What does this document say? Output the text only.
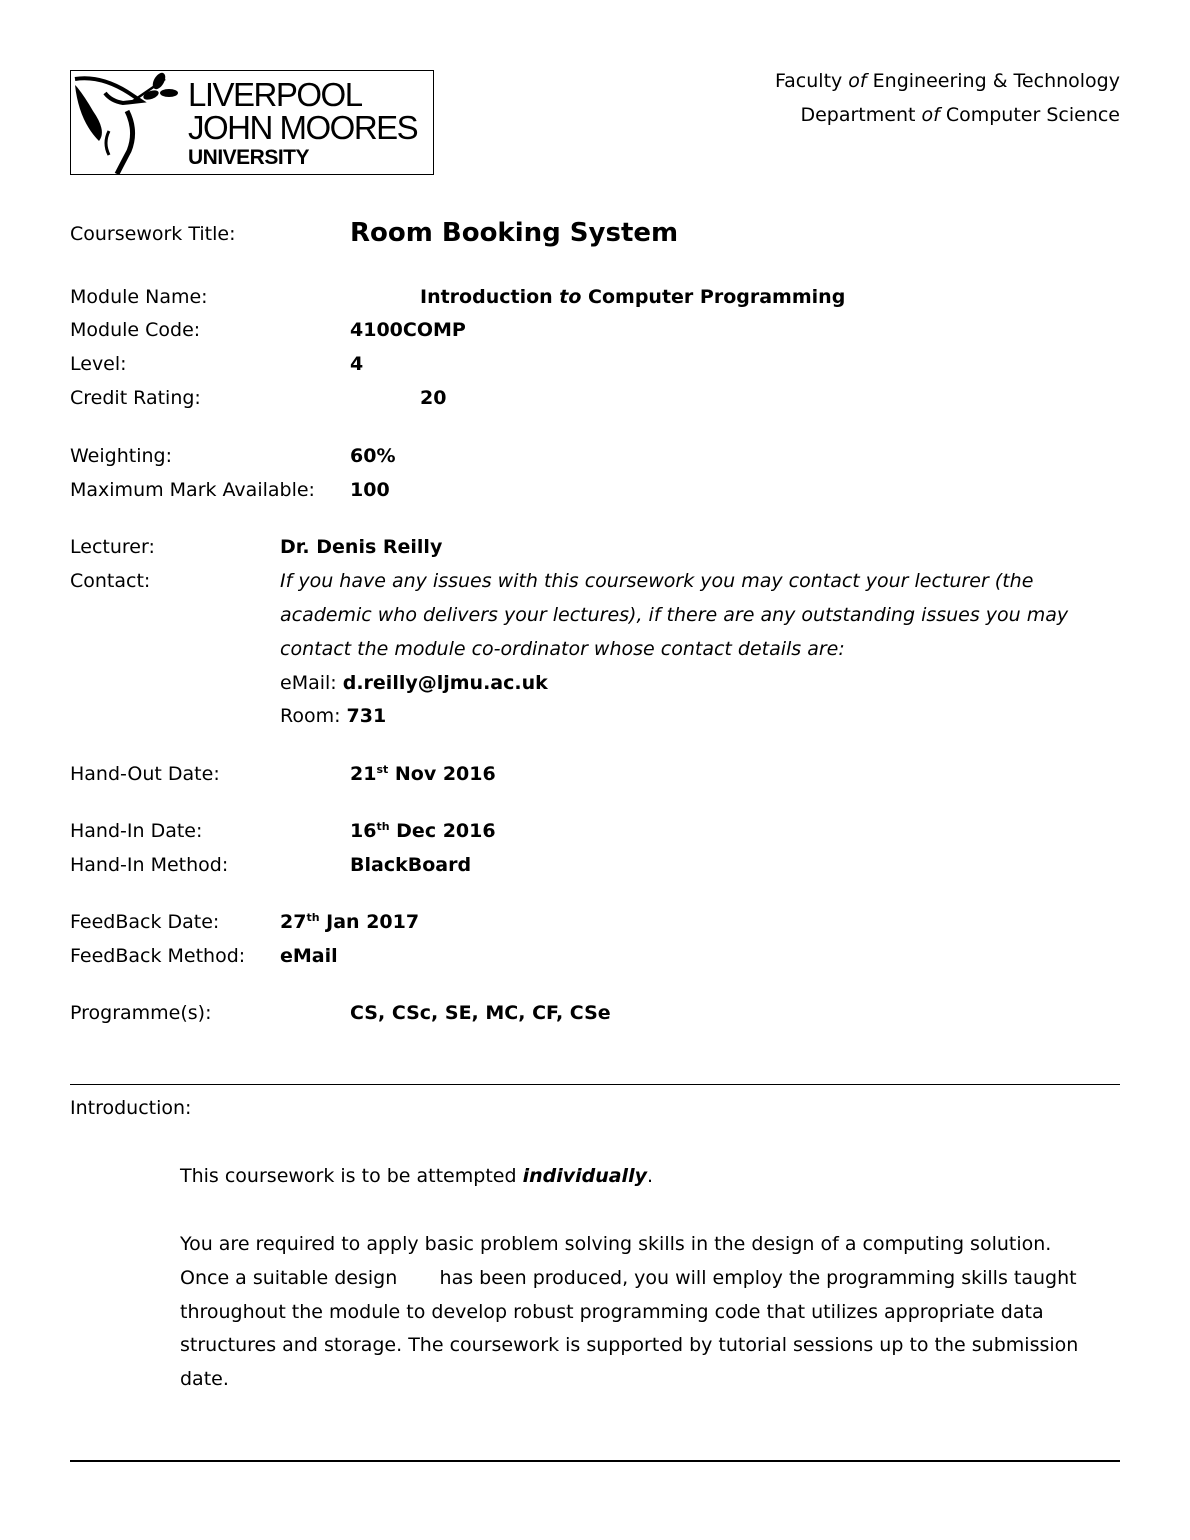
LIVERPOOL
JOHN MOORES
UNIVERSITY
Faculty of Engineering & Technology
Department of Computer Science
Coursework Title:	Room Booking System
Module Name:	Introduction to Computer Programming
Module Code:	4100COMP
Level:	4
Credit Rating:	20
Weighting:	60%
Maximum Mark Available: 100
Lecturer:	Dr. Denis Reilly
Contact:	If you have any issues with this coursework you may contact your lecturer (the
academic who delivers your lectures), if there are any outstanding issues you may
contact the module co-ordinator whose contact details are:
eMail: d.reilly@ljmu.ac.uk
Room: 731
Hand-Out Date:	21st Nov 2016
Hand-In Date:	16th Dec 2016
Hand-In Method:	BlackBoard
FeedBack Date:	27th Jan 2017
FeedBack Method: eMail
Programme(s):	CS, CSc, SE, MC, CF, CSe
Introduction:
This coursework is to be attempted individually.
You are required to apply basic problem solving skills in the design of a computing solution.
Once a suitable design       has been produced, you will employ the programming skills taught
throughout the module to develop robust programming code that utilizes appropriate data
structures and storage. The coursework is supported by tutorial sessions up to the submission
date.
